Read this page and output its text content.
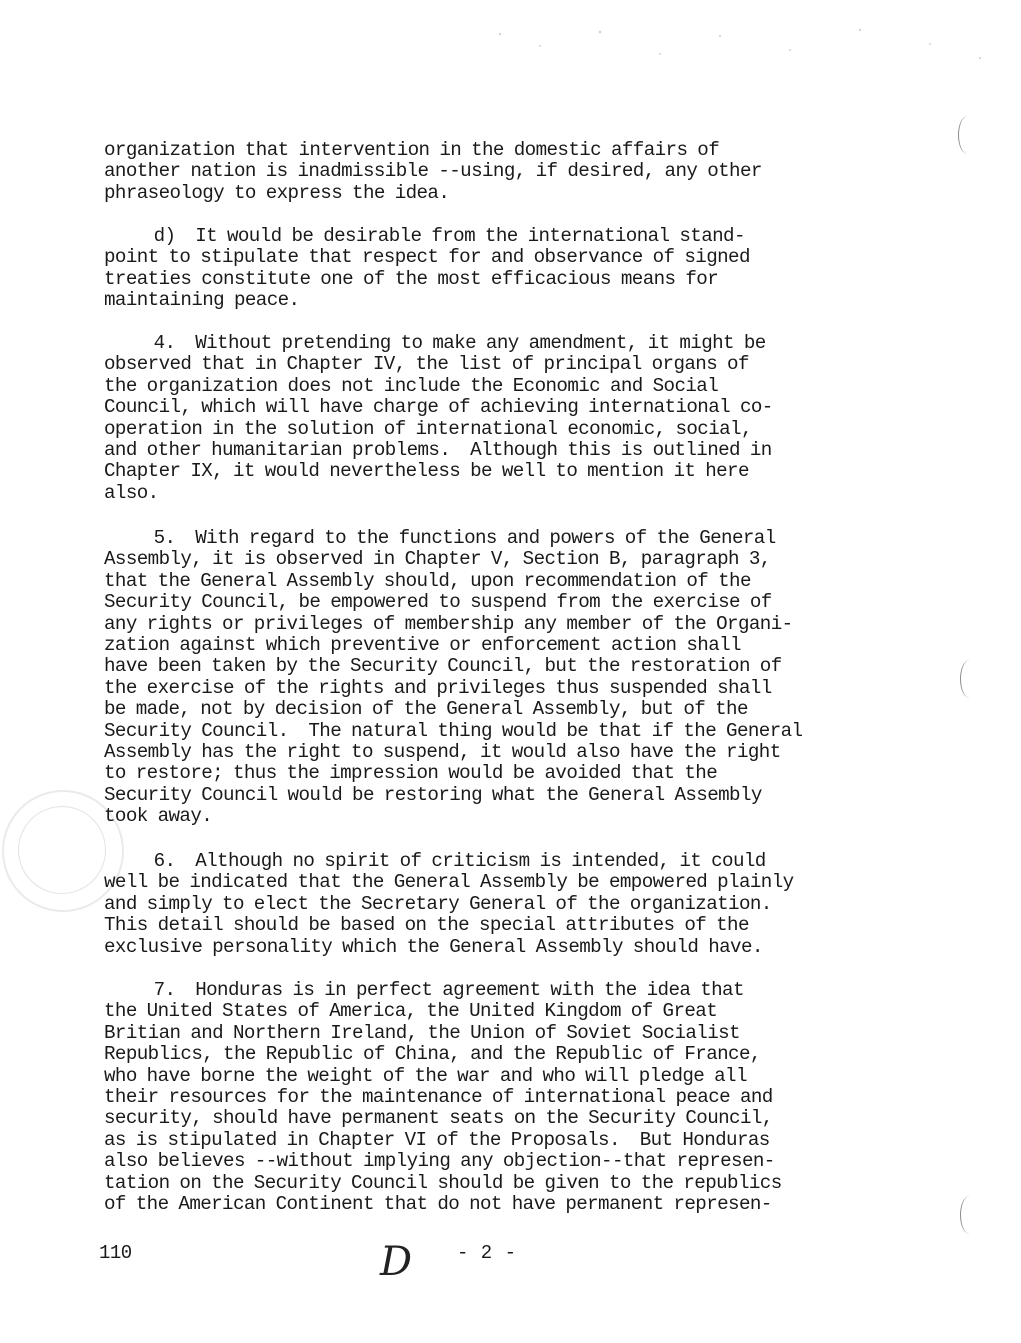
organization that intervention in the domestic affairs of
another nation is inadmissible --using, if desired, any other
phraseology to express the idea.
d)  It would be desirable from the international stand-
point to stipulate that respect for and observance of signed
treaties constitute one of the most efficacious means for
maintaining peace.
4.  Without pretending to make any amendment, it might be
observed that in Chapter IV, the list of principal organs of
the organization does not include the Economic and Social
Council, which will have charge of achieving international co-
operation in the solution of international economic, social,
and other humanitarian problems.  Although this is outlined in
Chapter IX, it would nevertheless be well to mention it here
also.
5.  With regard to the functions and powers of the General
Assembly, it is observed in Chapter V, Section B, paragraph 3,
that the General Assembly should, upon recommendation of the
Security Council, be empowered to suspend from the exercise of
any rights or privileges of membership any member of the Organi-
zation against which preventive or enforcement action shall
have been taken by the Security Council, but the restoration of
the exercise of the rights and privileges thus suspended shall
be made, not by decision of the General Assembly, but of the
Security Council.  The natural thing would be that if the General
Assembly has the right to suspend, it would also have the right
to restore; thus the impression would be avoided that the
Security Council would be restoring what the General Assembly
took away.
6.  Although no spirit of criticism is intended, it could
well be indicated that the General Assembly be empowered plainly
and simply to elect the Secretary General of the organization.
This detail should be based on the special attributes of the
exclusive personality which the General Assembly should have.
7.  Honduras is in perfect agreement with the idea that
the United States of America, the United Kingdom of Great
Britian and Northern Ireland, the Union of Soviet Socialist
Republics, the Republic of China, and the Republic of France,
who have borne the weight of the war and who will pledge all
their resources for the maintenance of international peace and
security, should have permanent seats on the Security Council,
as is stipulated in Chapter VI of the Proposals.  But Honduras
also believes --without implying any objection--that represen-
tation on the Security Council should be given to the republics
of the American Continent that do not have permanent represen-
110	D - 2 -
